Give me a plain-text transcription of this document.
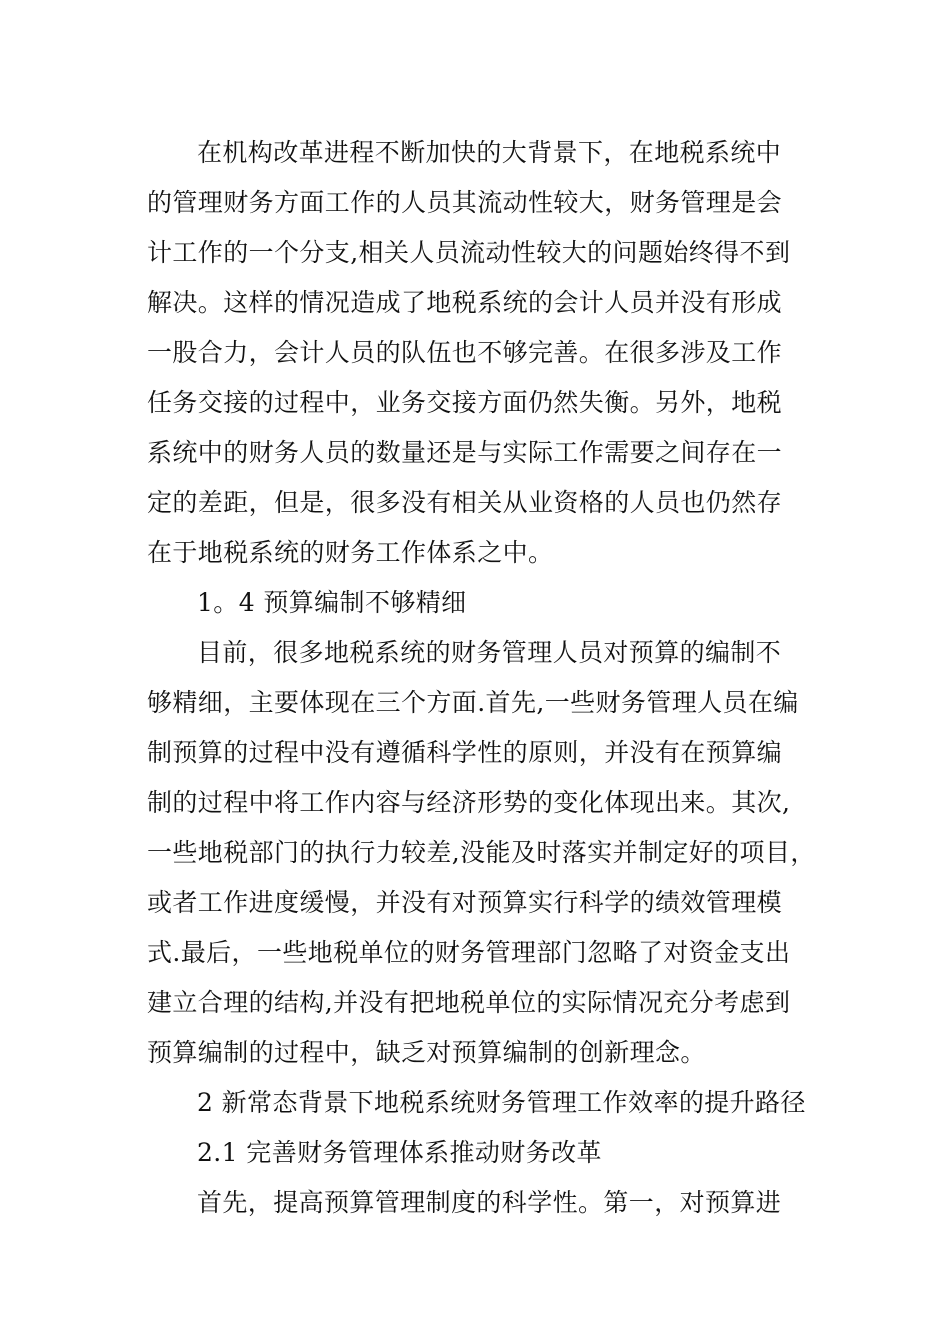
在机构改革进程不断加快的大背景下，在地税系统中
的管理财务方面工作的人员其流动性较大，财务管理是会
计工作的一个分支,相关人员流动性较大的问题始终得不到
解决。这样的情况造成了地税系统的会计人员并没有形成
一股合力，会计人员的队伍也不够完善。在很多涉及工作
任务交接的过程中，业务交接方面仍然失衡。另外，地税
系统中的财务人员的数量还是与实际工作需要之间存在一
定的差距，但是，很多没有相关从业资格的人员也仍然存
在于地税系统的财务工作体系之中。
1。4 预算编制不够精细
目前，很多地税系统的财务管理人员对预算的编制不
够精细，主要体现在三个方面.首先,一些财务管理人员在编
制预算的过程中没有遵循科学性的原则，并没有在预算编
制的过程中将工作内容与经济形势的变化体现出来。其次,
一些地税部门的执行力较差,没能及时落实并制定好的项目，
或者工作进度缓慢，并没有对预算实行科学的绩效管理模
式.最后，一些地税单位的财务管理部门忽略了对资金支出
建立合理的结构,并没有把地税单位的实际情况充分考虑到
预算编制的过程中，缺乏对预算编制的创新理念。
2 新常态背景下地税系统财务管理工作效率的提升路径
2.1 完善财务管理体系推动财务改革
首先，提高预算管理制度的科学性。第一，对预算进
